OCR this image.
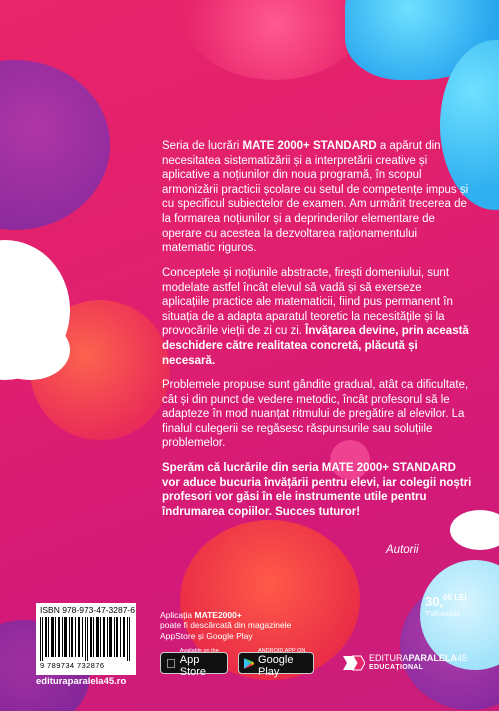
Seria de lucrări MATE 2000+ STANDARD a apărut din necesitatea sistematizării și a interpretării creative și aplicative a noțiunilor din noua programă, în scopul armonizării practicii școlare cu setul de competențe impus și cu specificul subiectelor de examen. Am urmărit trecerea de la formarea noțiunilor și a deprinderilor elementare de operare cu acestea la dezvoltarea raționamentului matematic riguros.

Conceptele și noțiunile abstracte, firești domeniului, sunt modelate astfel încât elevul să vadă și să exerseze aplicațiile practice ale matematicii, fiind pus permanent în situația de a adapta aparatul teoretic la necesitățile și la provocările vieții de zi cu zi. Învățarea devine, prin această deschidere către realitatea concretă, plăcută și necesară.

Problemele propuse sunt gândite gradual, atât ca dificultate, cât și din punct de vedere metodic, încât profesorul să le adapteze în mod nuanțat ritmului de pregătire al elevilor. La finalul culegerii se regăsesc răspunsurile sau soluțiile problemelor.

Sperăm că lucrările din seria MATE 2000+ STANDARD vor aduce bucuria învățării pentru elevi, iar colegii noștri profesori vor găsi în ele instrumente utile pentru îndrumarea copiilor. Succes tuturor!

Autorii

ISBN 978-973-47-3287-6
9 789734 732876
edituraparalela45.ro
Aplicația MATE2000+
poate fi descărcată din magazinele
AppStore și Google Play
Available on the
App Store
ANDROID APP ON
Google Play
30,$^{00 LEI}$
TVA inclus
EDITURAPARALELA45
EDUCAȚIONAL
